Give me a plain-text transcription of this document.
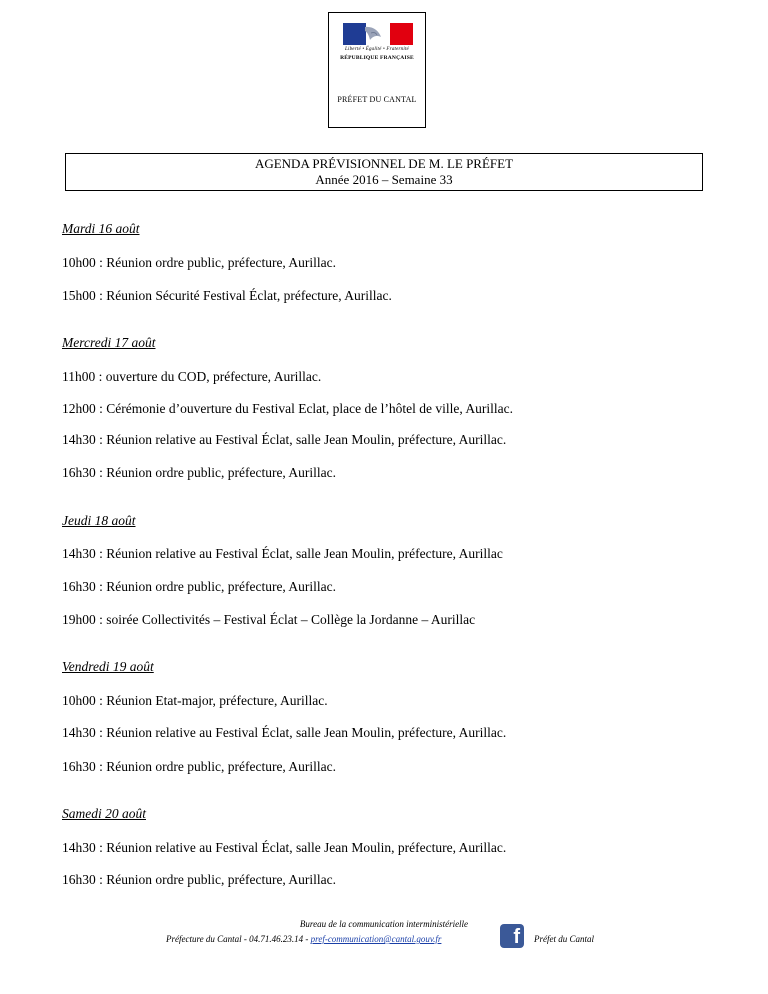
Liberté • Égalité • Fraternité
RÉPUBLIQUE FRANÇAISE
PRÉFET DU CANTAL
AGENDA PRÉVISIONNEL DE M. LE PRÉFET
Année 2016 – Semaine 33
Mardi 16 août
10h00 : Réunion ordre public, préfecture, Aurillac.
15h00 : Réunion Sécurité Festival Éclat, préfecture, Aurillac.
Mercredi 17 août
11h00 : ouverture du COD, préfecture, Aurillac.
12h00 : Cérémonie d’ouverture du Festival Eclat, place de l’hôtel de ville, Aurillac.
14h30 : Réunion relative au Festival Éclat, salle Jean Moulin, préfecture, Aurillac.
16h30 : Réunion ordre public, préfecture, Aurillac.
Jeudi 18 août
14h30 : Réunion relative au Festival Éclat, salle Jean Moulin, préfecture, Aurillac
16h30 : Réunion ordre public, préfecture, Aurillac.
19h00 : soirée Collectivités – Festival Éclat – Collège la Jordanne – Aurillac
Vendredi 19 août
10h00 : Réunion Etat-major, préfecture, Aurillac.
14h30 : Réunion relative au Festival Éclat, salle Jean Moulin, préfecture, Aurillac.
16h30 : Réunion ordre public, préfecture, Aurillac.
Samedi 20 août
14h30 : Réunion relative au Festival Éclat, salle Jean Moulin, préfecture, Aurillac.
16h30 : Réunion ordre public, préfecture, Aurillac.
Bureau de la communication interministérielle
Préfecture du Cantal - 04.71.46.23.14 - pref-communication@cantal.gouv.fr	f	Préfet du Cantal
